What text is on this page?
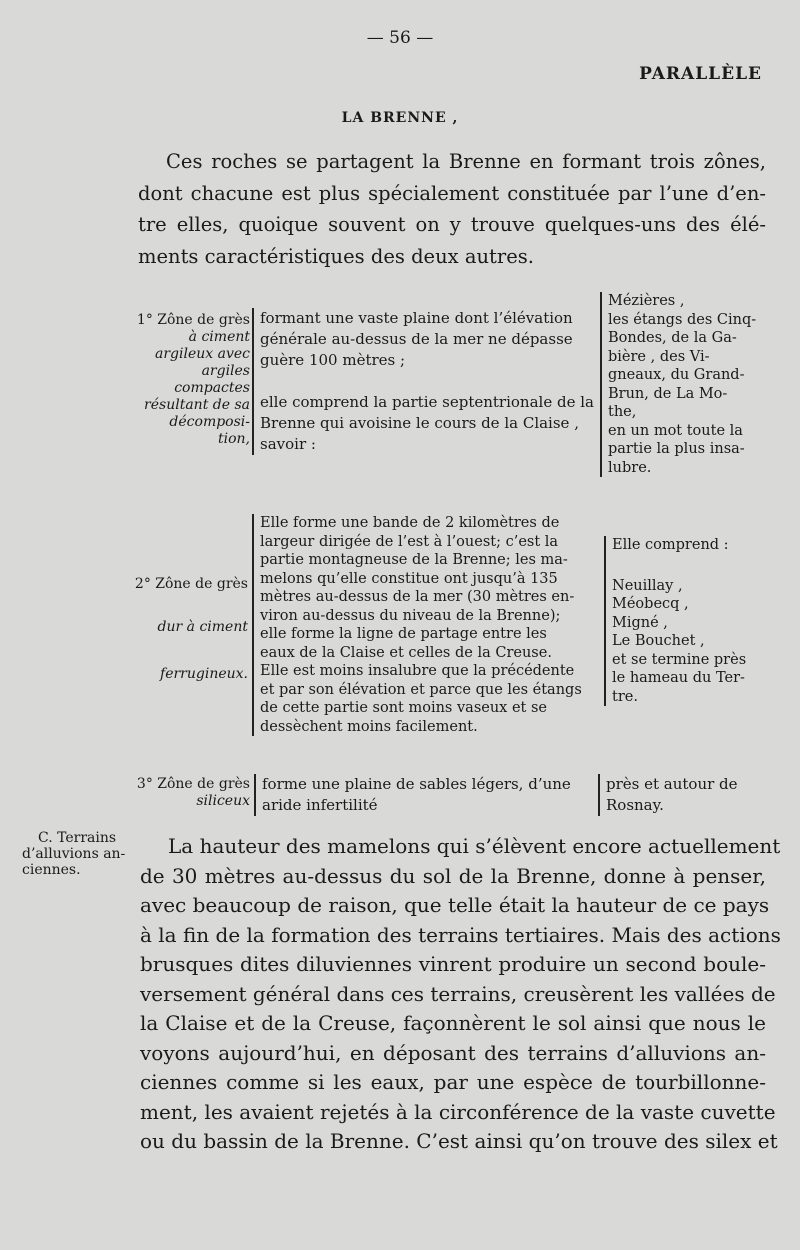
— 56 —
PARALLÈLE
LA BRENNE ,
Ces roches se partagent la Brenne en formant trois zônes,
dont chacune est plus spécialement constituée par l’une d’en-
tre elles, quoique souvent on y trouve quelques-uns des élé-
ments caractéristiques des deux autres.
1° Zône de grès
à ciment
argileux avec
argiles
compactes
résultant de sa
décomposi-
tion,
formant une vaste plaine dont l’élévation
générale au-dessus de la mer ne dépasse
guère 100 mètres ;
elle comprend la partie septentrionale de la
Brenne qui avoisine le cours de la Claise ,
savoir :
Mézières ,
les étangs des Cinq-
Bondes, de la Ga-
bière , des Vi-
gneaux, du Grand-
Brun, de La Mo-
the,
en un mot toute la
partie la plus insa-
lubre.
2° Zône de grès
dur à ciment
ferrugineux.
Elle forme une bande de 2 kilomètres de
largeur dirigée de l’est à l’ouest; c’est la
partie montagneuse de la Brenne; les ma-
melons qu’elle constitue ont jusqu’à 135
mètres au-dessus de la mer (30 mètres en-
viron au-dessus du niveau de la Brenne);
elle forme la ligne de partage entre les
eaux de la Claise et celles de la Creuse.
Elle est moins insalubre que la précédente
et par son élévation et parce que les étangs
de cette partie sont moins vaseux et se
dessèchent moins facilement.
Elle comprend :
Neuillay ,
Méobecq ,
Migné ,
Le Bouchet ,
et se termine près
le hameau du Ter-
tre.
3° Zône de grès
siliceux
forme une plaine de sables légers, d’une
aride infertilité
près et autour de
Rosnay.
C. Terrains
d’alluvions an-
ciennes.
La hauteur des mamelons qui s’élèvent encore actuellement
de 30 mètres au-dessus du sol de la Brenne, donne à penser,
avec beaucoup de raison, que telle était la hauteur de ce pays
à la fin de la formation des terrains tertiaires. Mais des actions
brusques dites diluviennes vinrent produire un second boule-
versement général dans ces terrains, creusèrent les vallées de
la Claise et de la Creuse, façonnèrent le sol ainsi que nous le
voyons aujourd’hui, en déposant des terrains d’alluvions an-
ciennes comme si les eaux, par une espèce de tourbillonne-
ment, les avaient rejetés à la circonférence de la vaste cuvette
ou du bassin de la Brenne. C’est ainsi qu’on trouve des silex et
